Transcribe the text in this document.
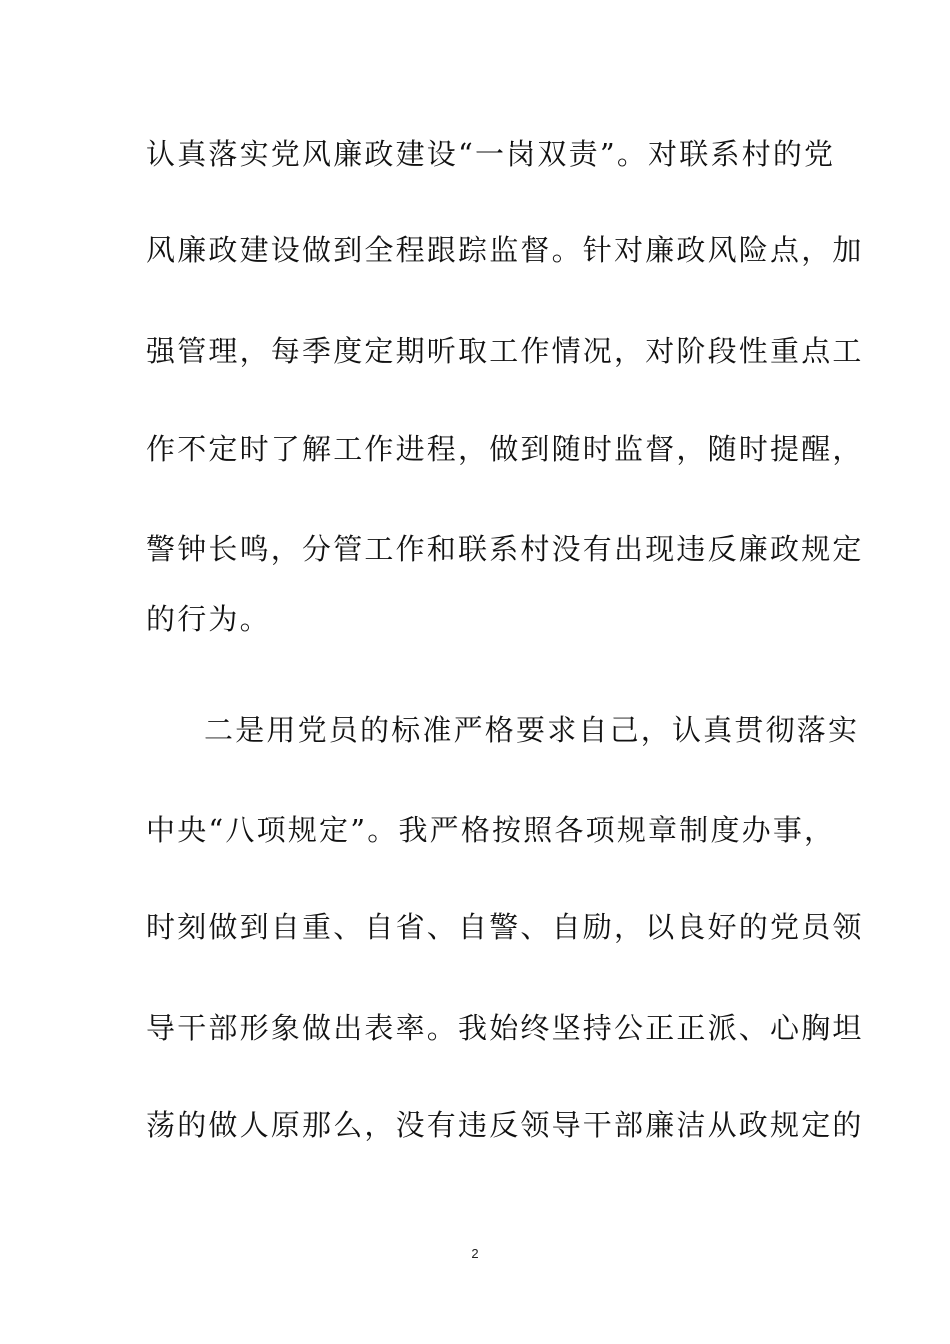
认真落实党风廉政建设“一岗双责”。对联系村的党
风廉政建设做到全程跟踪监督。针对廉政风险点，加
强管理，每季度定期听取工作情况，对阶段性重点工
作不定时了解工作进程，做到随时监督，随时提醒，
警钟长鸣，分管工作和联系村没有出现违反廉政规定
的行为。
二是用党员的标准严格要求自己，认真贯彻落实
中央“八项规定”。我严格按照各项规章制度办事，
时刻做到自重、自省、自警、自励，以良好的党员领
导干部形象做出表率。我始终坚持公正正派、心胸坦
荡的做人原那么，没有违反领导干部廉洁从政规定的
2
